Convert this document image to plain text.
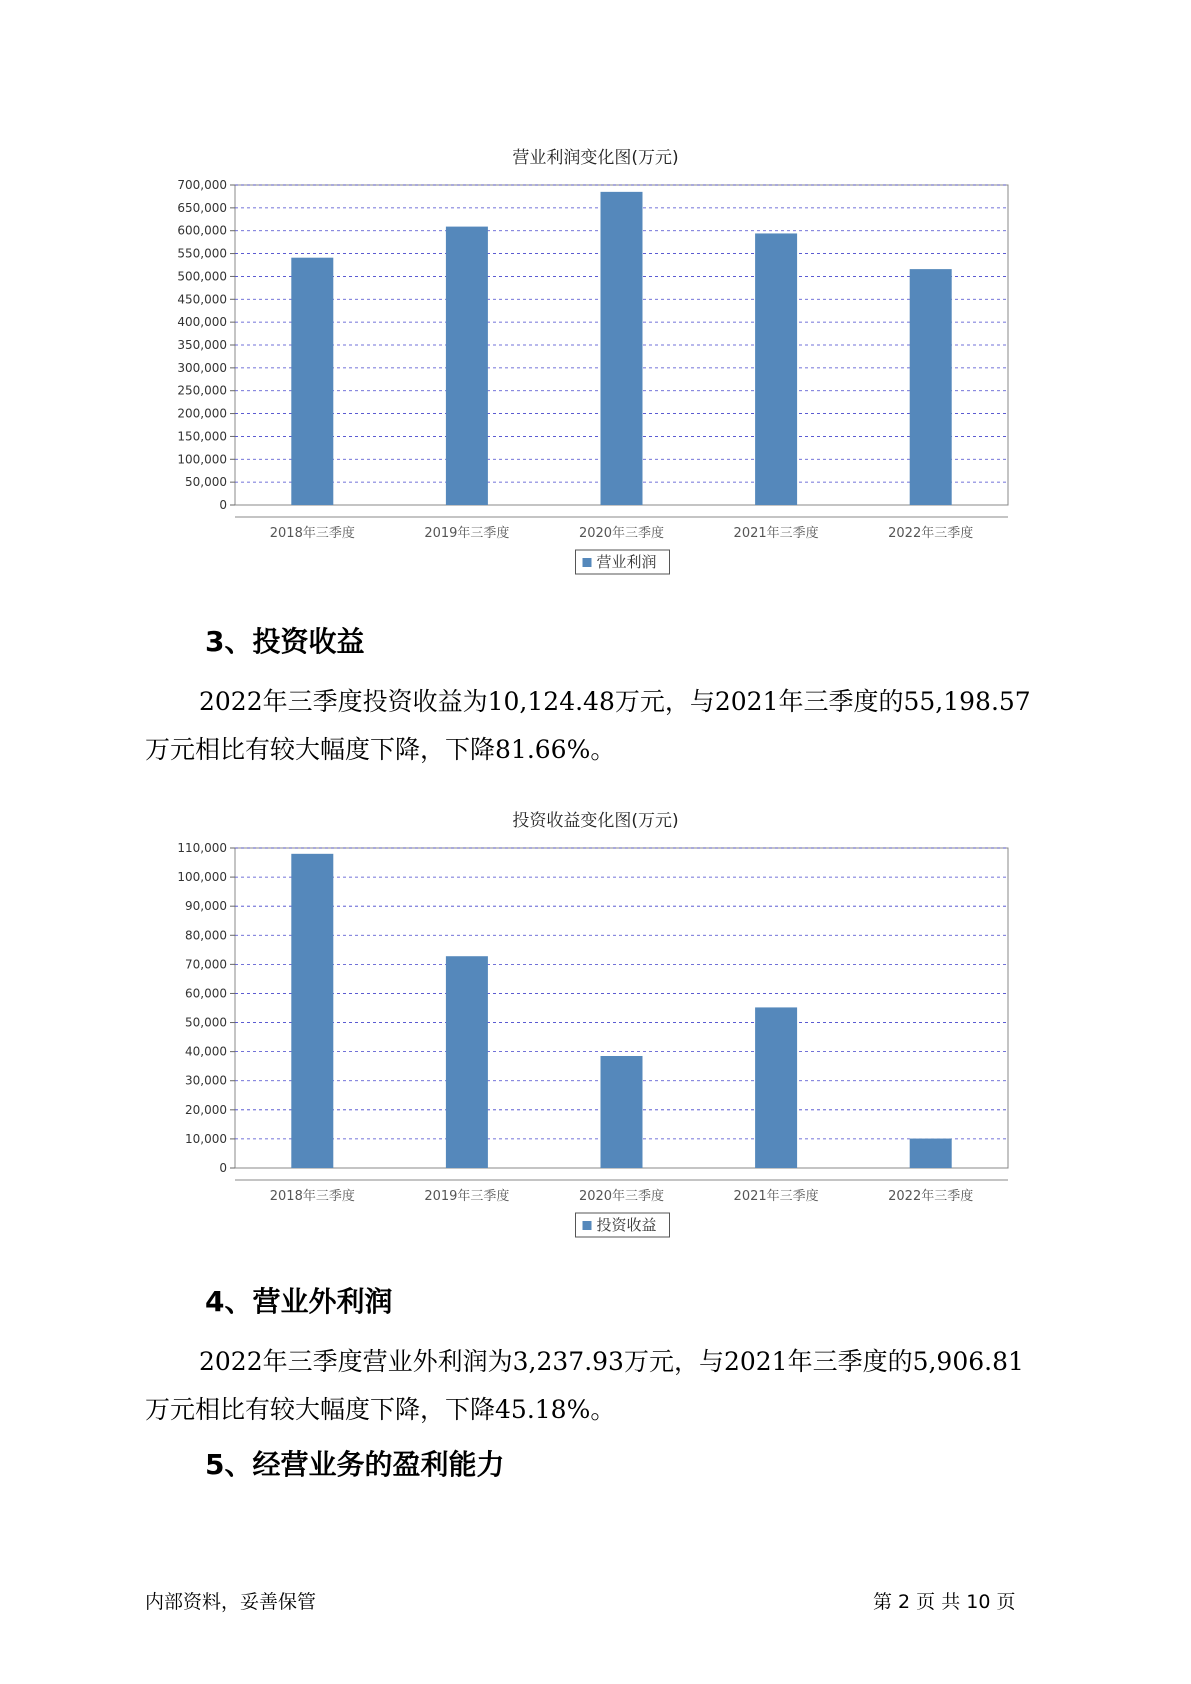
营业利润变化图(万元)
0
50,000
100,000
150,000
200,000
250,000
300,000
350,000
400,000
450,000
500,000
550,000
600,000
650,000
700,000
2018年三季度	2019年三季度	2020年三季度	2021年三季度	2022年三季度
营业利润
3、投资收益

2022年三季度投资收益为10,124.48万元，与2021年三季度的55,198.57

万元相比有较大幅度下降，下降81.66%。
投资收益变化图(万元)
0
10,000
20,000
30,000
40,000
50,000
60,000
70,000
80,000
90,000
100,000
110,000
2018年三季度	2019年三季度	2020年三季度	2021年三季度	2022年三季度
投资收益
4、营业外利润

2022年三季度营业外利润为3,237.93万元，与2021年三季度的5,906.81

万元相比有较大幅度下降，下降45.18%。
5、经营业务的盈利能力
内部资料，妥善保管	第 2 页 共 10 页
